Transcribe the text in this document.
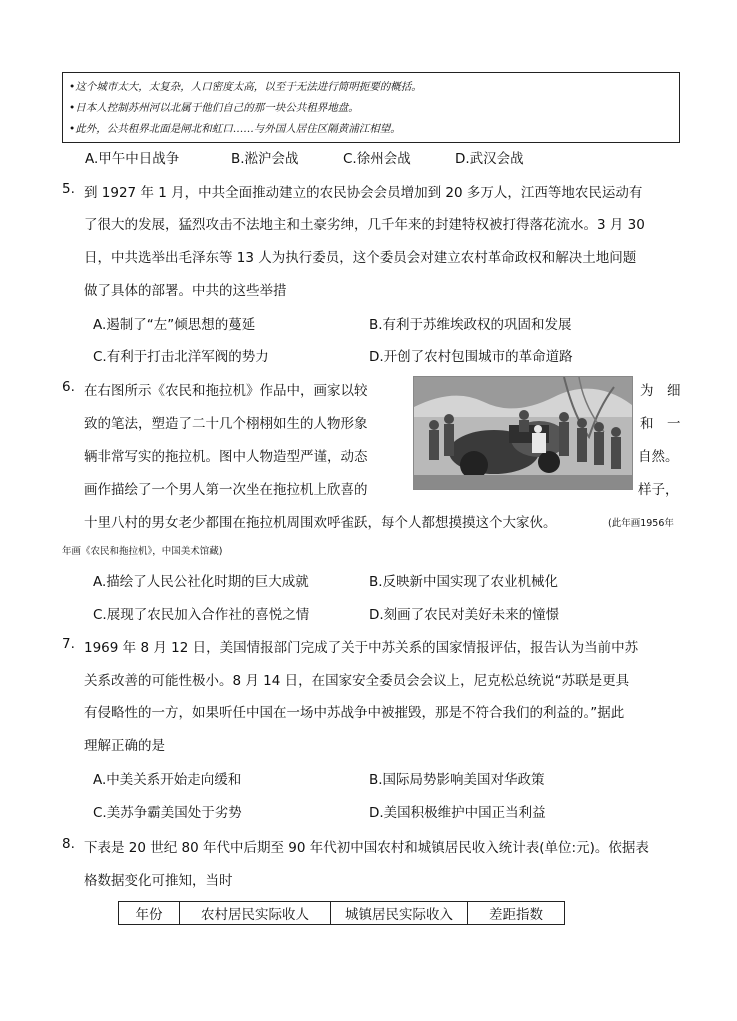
•这个城市太大，太复杂，人口密度太高，以至于无法进行简明扼要的概括。
•日本人控制苏州河以北属于他们自己的那一块公共租界地盘。
•此外，公共租界北面是闸北和虹口……与外国人居住区隔黄浦江相望。
A.甲午中日战争	B.淞沪会战	C.徐州会战	D.武汉会战
5. 到 1927 年 1 月，中共全面推动建立的农民协会会员增加到 20 多万人，江西等地农民运动有
了很大的发展，猛烈攻击不法地主和土豪劣绅，几千年来的封建特权被打得落花流水。3 月 30
日，中共选举出毛泽东等 13 人为执行委员，这个委员会对建立农村革命政权和解决土地问题
做了具体的部署。中共的这些举措
A.遏制了“左”倾思想的蔓延	B.有利于苏维埃政权的巩固和发展
C.有利于打击北洋军阀的势力	D.开创了农村包围城市的革命道路
6. 在右图所示《农民和拖拉机》作品中，画家以较	为　细
致的笔法，塑造了二十几个栩栩如生的人物形象	和　一
辆非常写实的拖拉机。图中人物造型严谨，动态	自然。
画作描绘了一个男人第一次坐在拖拉机上欣喜的	样子，
十里八村的男女老少都围在拖拉机周围欢呼雀跃，每个人都想摸摸这个大家伙。	(此年画1956年
年画《农民和拖拉机》，中国美术馆藏)
A.描绘了人民公社化时期的巨大成就	B.反映新中国实现了农业机械化
C.展现了农民加入合作社的喜悦之情	D.刻画了农民对美好未来的憧憬
7. 1969 年 8 月 12 日，美国情报部门完成了关于中苏关系的国家情报评估，报告认为当前中苏
关系改善的可能性极小。8 月 14 日，在国家安全委员会会议上，尼克松总统说“苏联是更具
有侵略性的一方，如果听任中国在一场中苏战争中被摧毁，那是不符合我们的利益的。”据此
理解正确的是
A.中美关系开始走向缓和	B.国际局势影响美国对华政策
C.美苏争霸美国处于劣势	D.美国积极维护中国正当利益
8. 下表是 20 世纪 80 年代中后期至 90 年代初中国农村和城镇居民收入统计表(单位:元)。依据表
格数据变化可推知，当时
年份	农村居民实际收人	城镇居民实际收入	差距指数
